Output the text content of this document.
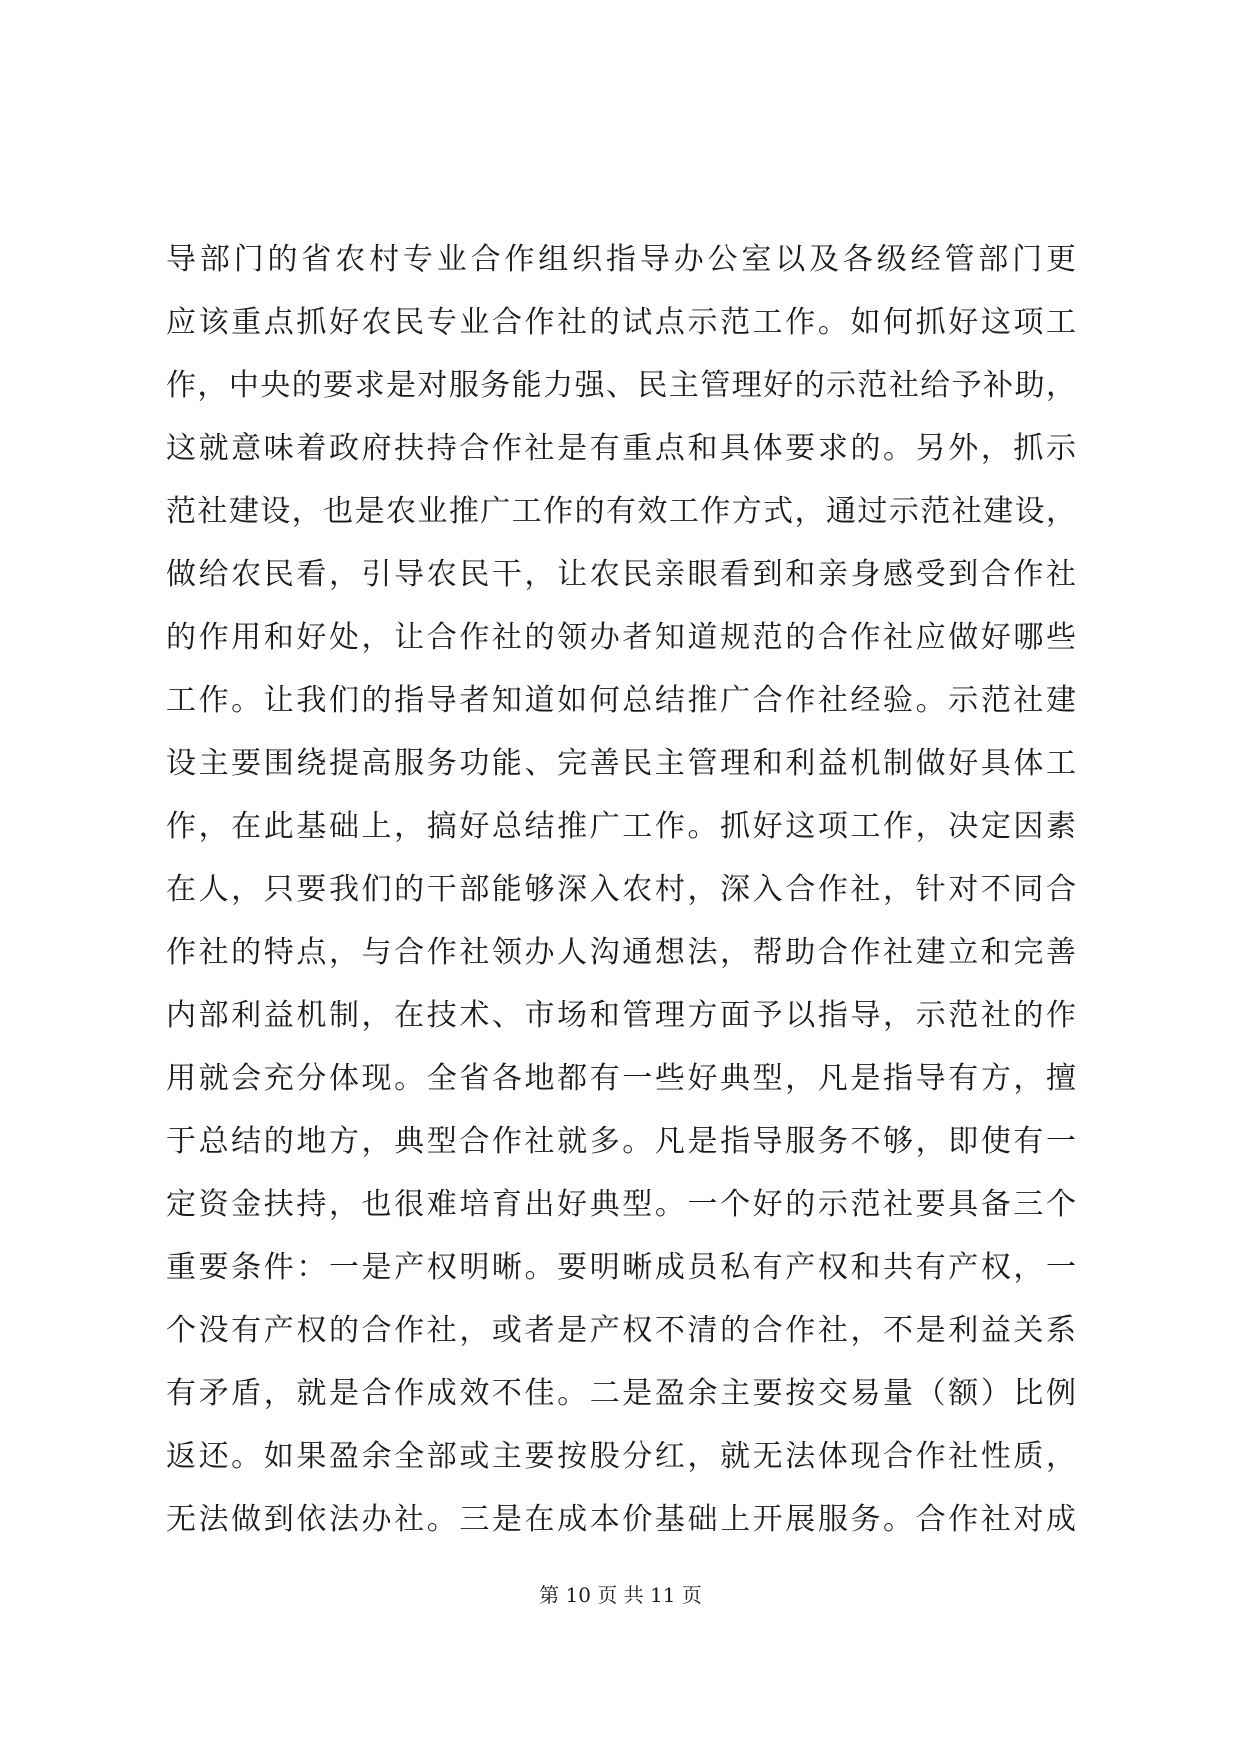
导部门的省农村专业合作组织指导办公室以及各级经管部门更
应该重点抓好农民专业合作社的试点示范工作。如何抓好这项工
作，中央的要求是对服务能力强、民主管理好的示范社给予补助，
这就意味着政府扶持合作社是有重点和具体要求的。另外，抓示
范社建设，也是农业推广工作的有效工作方式，通过示范社建设，
做给农民看，引导农民干，让农民亲眼看到和亲身感受到合作社
的作用和好处，让合作社的领办者知道规范的合作社应做好哪些
工作。让我们的指导者知道如何总结推广合作社经验。示范社建
设主要围绕提高服务功能、完善民主管理和利益机制做好具体工
作，在此基础上，搞好总结推广工作。抓好这项工作，决定因素
在人，只要我们的干部能够深入农村，深入合作社，针对不同合
作社的特点，与合作社领办人沟通想法，帮助合作社建立和完善
内部利益机制，在技术、市场和管理方面予以指导，示范社的作
用就会充分体现。全省各地都有一些好典型，凡是指导有方，擅
于总结的地方，典型合作社就多。凡是指导服务不够，即使有一
定资金扶持，也很难培育出好典型。一个好的示范社要具备三个
重要条件：一是产权明晰。要明晰成员私有产权和共有产权，一
个没有产权的合作社，或者是产权不清的合作社，不是利益关系
有矛盾，就是合作成效不佳。二是盈余主要按交易量（额）比例
返还。如果盈余全部或主要按股分红，就无法体现合作社性质，
无法做到依法办社。三是在成本价基础上开展服务。合作社对成
第 10 页 共 11 页
